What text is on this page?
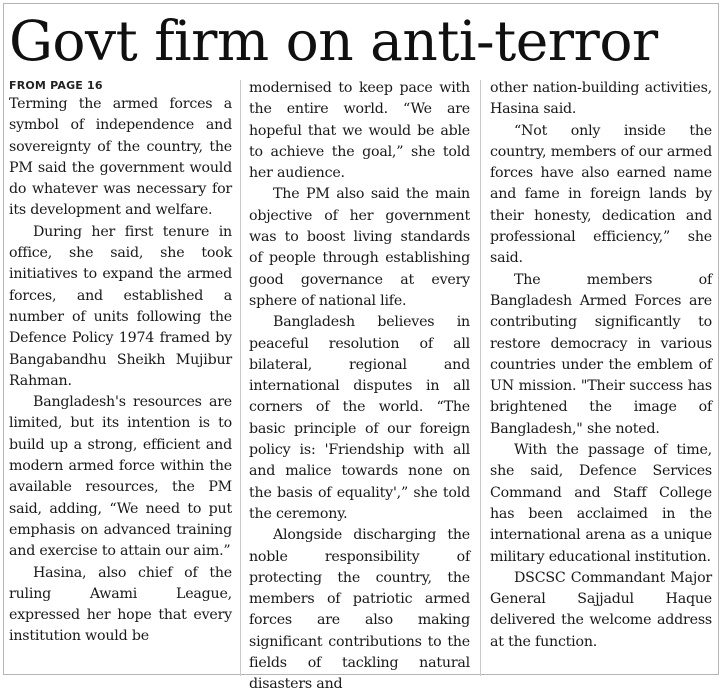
Govt firm on anti-terror
FROM PAGE 16

Terming the armed forces a symbol of independence and sovereignty of the country, the PM said the government would do whatever was necessary for its development and welfare.

During her first tenure in office, she said, she took initiatives to expand the armed forces, and established a number of units following the Defence Policy 1974 framed by Bangabandhu Sheikh Mujibur Rahman.

Bangladesh's resources are limited, but its intention is to build up a strong, efficient and modern armed force within the available resources, the PM said, adding, “We need to put emphasis on advanced training and exercise to attain our aim.”

Hasina, also chief of the ruling Awami League, expressed her hope that every institution would be

modernised to keep pace with the entire world. “We are hopeful that we would be able to achieve the goal,” she told her audience.

The PM also said the main objective of her government was to boost living standards of people through establishing good governance at every sphere of national life.

Bangladesh believes in peaceful resolution of all bilateral, regional and international disputes in all corners of the world. “The basic principle of our foreign policy is: 'Friendship with all and malice towards none on the basis of equality',” she told the ceremony.

Alongside discharging the noble responsibility of protecting the country, the members of patriotic armed forces are also making significant contributions to the fields of tackling natural disasters and

other nation-building activities, Hasina said.

“Not only inside the country, members of our armed forces have also earned name and fame in foreign lands by their honesty, dedication and professional efficiency,” she said.

The members of Bangladesh Armed Forces are contributing significantly to restore democracy in various countries under the emblem of UN mission. "Their success has brightened the image of Bangladesh," she noted.

With the passage of time, she said, Defence Services Command and Staff College has been acclaimed in the international arena as a unique military educational institution.

DSCSC Commandant Major General Sajjadul Haque delivered the welcome address at the function.
